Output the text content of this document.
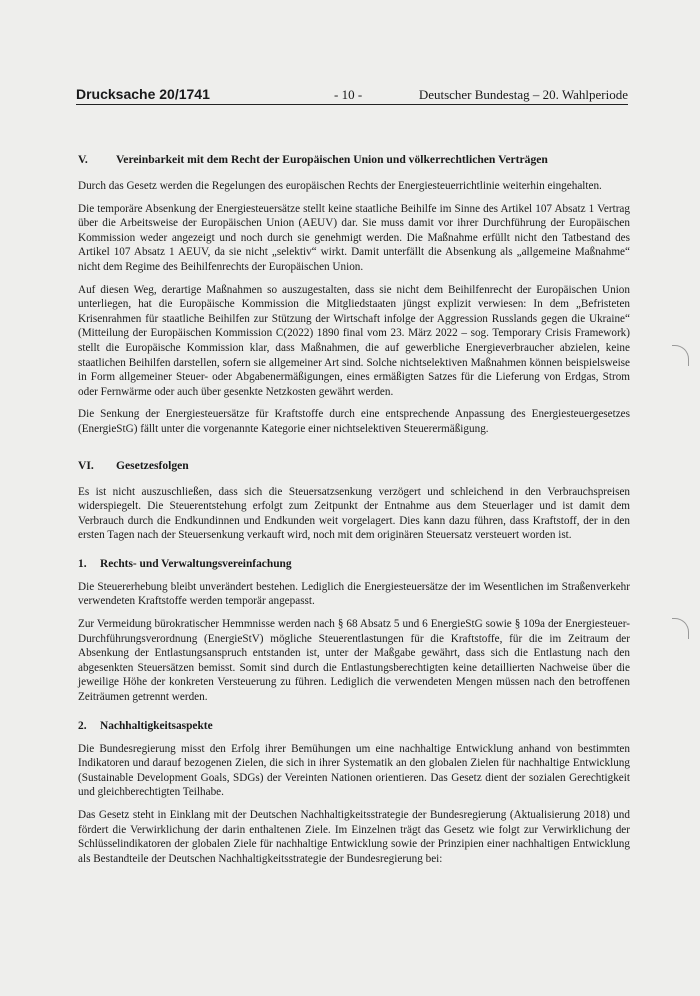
Drucksache 20/1741	- 10 -	Deutscher Bundestag – 20. Wahlperiode
V. Vereinbarkeit mit dem Recht der Europäischen Union und völkerrechtlichen Verträgen

Durch das Gesetz werden die Regelungen des europäischen Rechts der Energiesteuerrichtlinie weiterhin eingehalten.

Die temporäre Absenkung der Energiesteuersätze stellt keine staatliche Beihilfe im Sinne des Artikel 107 Absatz 1 Vertrag über die Arbeitsweise der Europäischen Union (AEUV) dar. Sie muss damit vor ihrer Durchführung der Europäischen Kommission weder angezeigt und noch durch sie genehmigt werden. Die Maßnahme erfüllt nicht den Tatbestand des Artikel 107 Absatz 1 AEUV, da sie nicht „selektiv“ wirkt. Damit unterfällt die Absenkung als „allgemeine Maßnahme“ nicht dem Regime des Beihilfenrechts der Europäischen Union.

Auf diesen Weg, derartige Maßnahmen so auszugestalten, dass sie nicht dem Beihilfenrecht der Europäischen Union unterliegen, hat die Europäische Kommission die Mitgliedstaaten jüngst explizit verwiesen: In dem „Befristeten Krisenrahmen für staatliche Beihilfen zur Stützung der Wirtschaft infolge der Aggression Russlands gegen die Ukraine“ (Mitteilung der Europäischen Kommission C(2022) 1890 final vom 23. März 2022 – sog. Temporary Crisis Framework) stellt die Europäische Kommission klar, dass Maßnahmen, die auf gewerbliche Energieverbraucher abzielen, keine staatlichen Beihilfen darstellen, sofern sie allgemeiner Art sind. Solche nichtselektiven Maßnahmen können beispielsweise in Form allgemeiner Steuer- oder Abgabenermäßigungen, eines ermäßigten Satzes für die Lieferung von Erdgas, Strom oder Fernwärme oder auch über gesenkte Netzkosten gewährt werden.

Die Senkung der Energiesteuersätze für Kraftstoffe durch eine entsprechende Anpassung des Energiesteuergesetzes (EnergieStG) fällt unter die vorgenannte Kategorie einer nichtselektiven Steuerermäßigung.

VI. Gesetzesfolgen

Es ist nicht auszuschließen, dass sich die Steuersatzsenkung verzögert und schleichend in den Verbrauchspreisen widerspiegelt. Die Steuerentstehung erfolgt zum Zeitpunkt der Entnahme aus dem Steuerlager und ist damit dem Verbrauch durch die Endkundinnen und Endkunden weit vorgelagert. Dies kann dazu führen, dass Kraftstoff, der in den ersten Tagen nach der Steuersenkung verkauft wird, noch mit dem originären Steuersatz versteuert worden ist.

1. Rechts- und Verwaltungsvereinfachung

Die Steuererhebung bleibt unverändert bestehen. Lediglich die Energiesteuersätze der im Wesentlichen im Straßenverkehr verwendeten Kraftstoffe werden temporär angepasst.

Zur Vermeidung bürokratischer Hemmnisse werden nach § 68 Absatz 5 und 6 EnergieStG sowie § 109a der Energiesteuer-Durchführungsverordnung (EnergieStV) mögliche Steuerentlastungen für die Kraftstoffe, für die im Zeitraum der Absenkung der Entlastungsanspruch entstanden ist, unter der Maßgabe gewährt, dass sich die Entlastung nach den abgesenkten Steuersätzen bemisst. Somit sind durch die Entlastungsberechtigten keine detaillierten Nachweise über die jeweilige Höhe der konkreten Versteuerung zu führen. Lediglich die verwendeten Mengen müssen nach den betroffenen Zeiträumen getrennt werden.

2. Nachhaltigkeitsaspekte

Die Bundesregierung misst den Erfolg ihrer Bemühungen um eine nachhaltige Entwicklung anhand von bestimmten Indikatoren und darauf bezogenen Zielen, die sich in ihrer Systematik an den globalen Zielen für nachhaltige Entwicklung (Sustainable Development Goals, SDGs) der Vereinten Nationen orientieren. Das Gesetz dient der sozialen Gerechtigkeit und gleichberechtigten Teilhabe.

Das Gesetz steht in Einklang mit der Deutschen Nachhaltigkeitsstrategie der Bundesregierung (Aktualisierung 2018) und fördert die Verwirklichung der darin enthaltenen Ziele. Im Einzelnen trägt das Gesetz wie folgt zur Verwirklichung der Schlüsselindikatoren der globalen Ziele für nachhaltige Entwicklung sowie der Prinzipien einer nachhaltigen Entwicklung als Bestandteile der Deutschen Nachhaltigkeitsstrategie der Bundesregierung bei:
